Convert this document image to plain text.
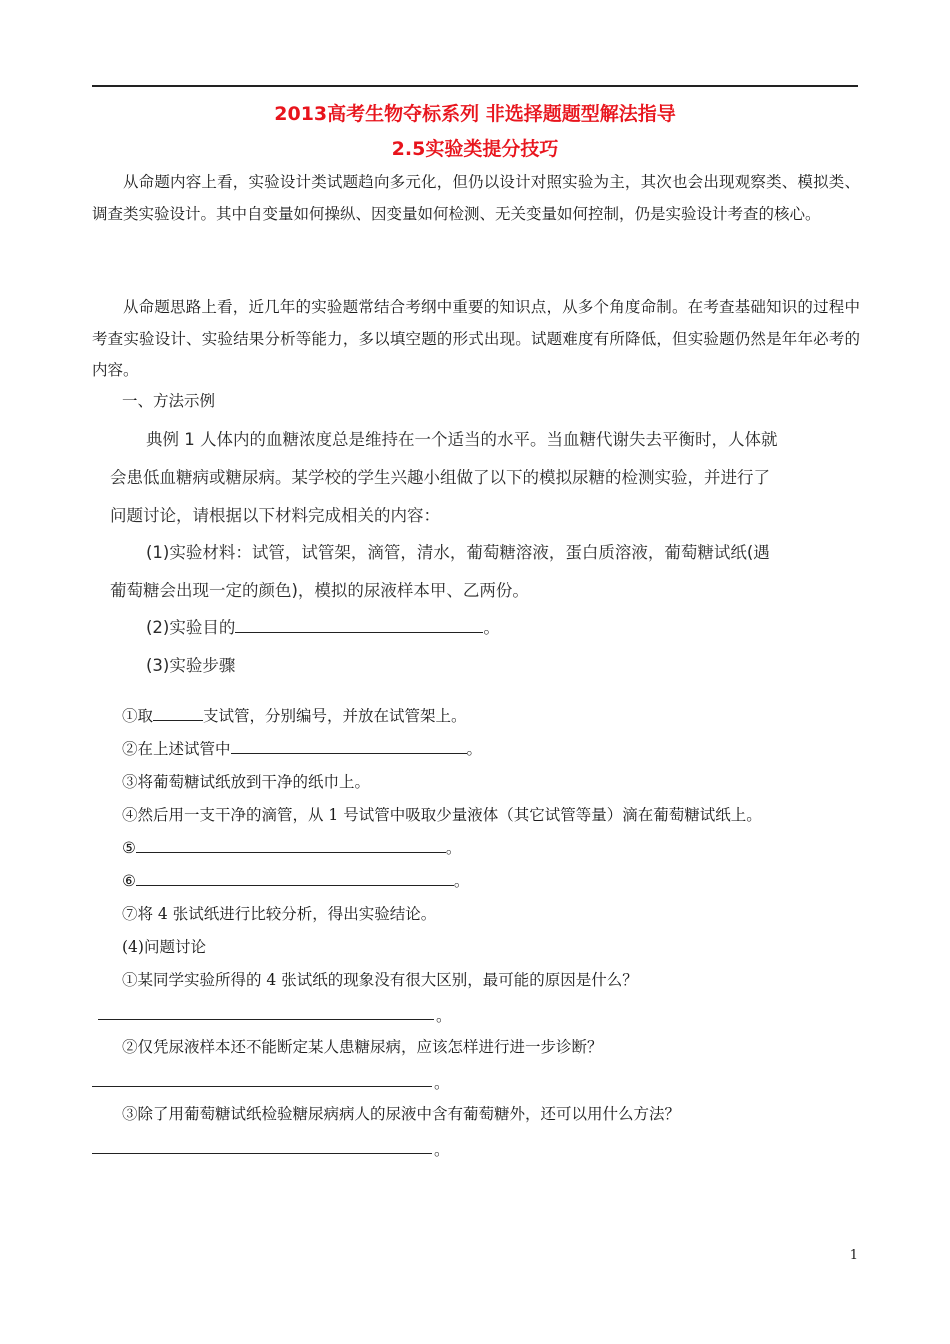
2013高考生物夺标系列 非选择题题型解法指导
2.5实验类提分技巧
从命题内容上看，实验设计类试题趋向多元化，但仍以设计对照实验为主，其次也会出现观察类、模拟类、调查类实验设计。其中自变量如何操纵、因变量如何检测、无关变量如何控制，仍是实验设计考查的核心。
从命题思路上看，近几年的实验题常结合考纲中重要的知识点，从多个角度命制。在考查基础知识的过程中考查实验设计、实验结果分析等能力，多以填空题的形式出现。试题难度有所降低，但实验题仍然是年年必考的内容。
一、方法示例
典例 1 人体内的血糖浓度总是维持在一个适当的水平。当血糖代谢失去平衡时，人体就
会患低血糖病或糖尿病。某学校的学生兴趣小组做了以下的模拟尿糖的检测实验，并进行了
问题讨论，请根据以下材料完成相关的内容：
(1)实验材料：试管，试管架，滴管，清水，葡萄糖溶液，蛋白质溶液，葡萄糖试纸(遇
葡萄糖会出现一定的颜色)，模拟的尿液样本甲、乙两份。
(2)实验目的	。
(3)实验步骤
①取	支试管，分别编号，并放在试管架上。
②在上述试管中	。
③将葡萄糖试纸放到干净的纸巾上。
④然后用一支干净的滴管，从 1 号试管中吸取少量液体（其它试管等量）滴在葡萄糖试纸上。
⑤	。
⑥	。
⑦将 4 张试纸进行比较分析，得出实验结论。
(4)问题讨论
①某同学实验所得的 4 张试纸的现象没有很大区别，最可能的原因是什么？
。
②仅凭尿液样本还不能断定某人患糖尿病，应该怎样进行进一步诊断？
。
③除了用葡萄糖试纸检验糖尿病病人的尿液中含有葡萄糖外，还可以用什么方法？
。
1
